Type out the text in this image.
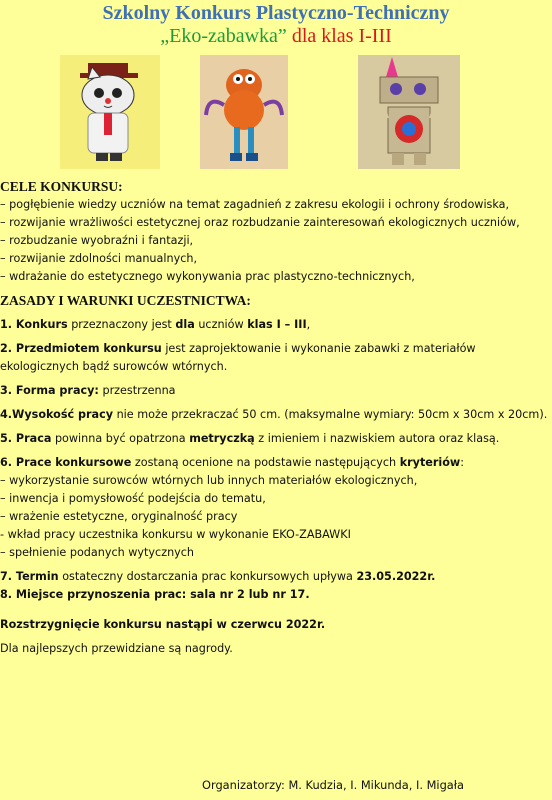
Szkolny Konkurs Plastyczno-Techniczny
„Eko-zabawka” dla klas I-III
CELE KONKURSU:
– pogłębienie wiedzy uczniów na temat zagadnień z zakresu ekologii i ochrony środowiska,
– rozwijanie wrażliwości estetycznej oraz rozbudzanie zainteresowań ekologicznych uczniów,
– rozbudzanie wyobraźni i fantazji,
– rozwijanie zdolności manualnych,
– wdrażanie do estetycznego wykonywania prac plastyczno-technicznych,
ZASADY I WARUNKI UCZESTNICTWA:
1. Konkurs przeznaczony jest dla uczniów klas I – III,
2. Przedmiotem konkursu jest zaprojektowanie i wykonanie zabawki z materiałów ekologicznych bądź surowców wtórnych.
3. Forma pracy: przestrzenna
4.Wysokość pracy nie może przekraczać 50 cm. (maksymalne wymiary: 50cm x 30cm x 20cm).
5. Praca powinna być opatrzona metryczką z imieniem i nazwiskiem autora oraz klasą.
6. Prace konkursowe zostaną ocenione na podstawie następujących kryteriów:
– wykorzystanie surowców wtórnych lub innych materiałów ekologicznych,
– inwencja i pomysłowość podejścia do tematu,
– wrażenie estetyczne, oryginalność pracy
- wkład pracy uczestnika konkursu w wykonanie EKO-ZABAWKI
– spełnienie podanych wytycznych
7. Termin ostateczny dostarczania prac konkursowych upływa 23.05.2022r.
8. Miejsce przynoszenia prac: sala nr 2 lub nr 17.
Rozstrzygnięcie konkursu nastąpi w czerwcu 2022r.
Dla najlepszych przewidziane są nagrody.
Organizatorzy: M. Kudzia, I. Mikunda, I. Migała
